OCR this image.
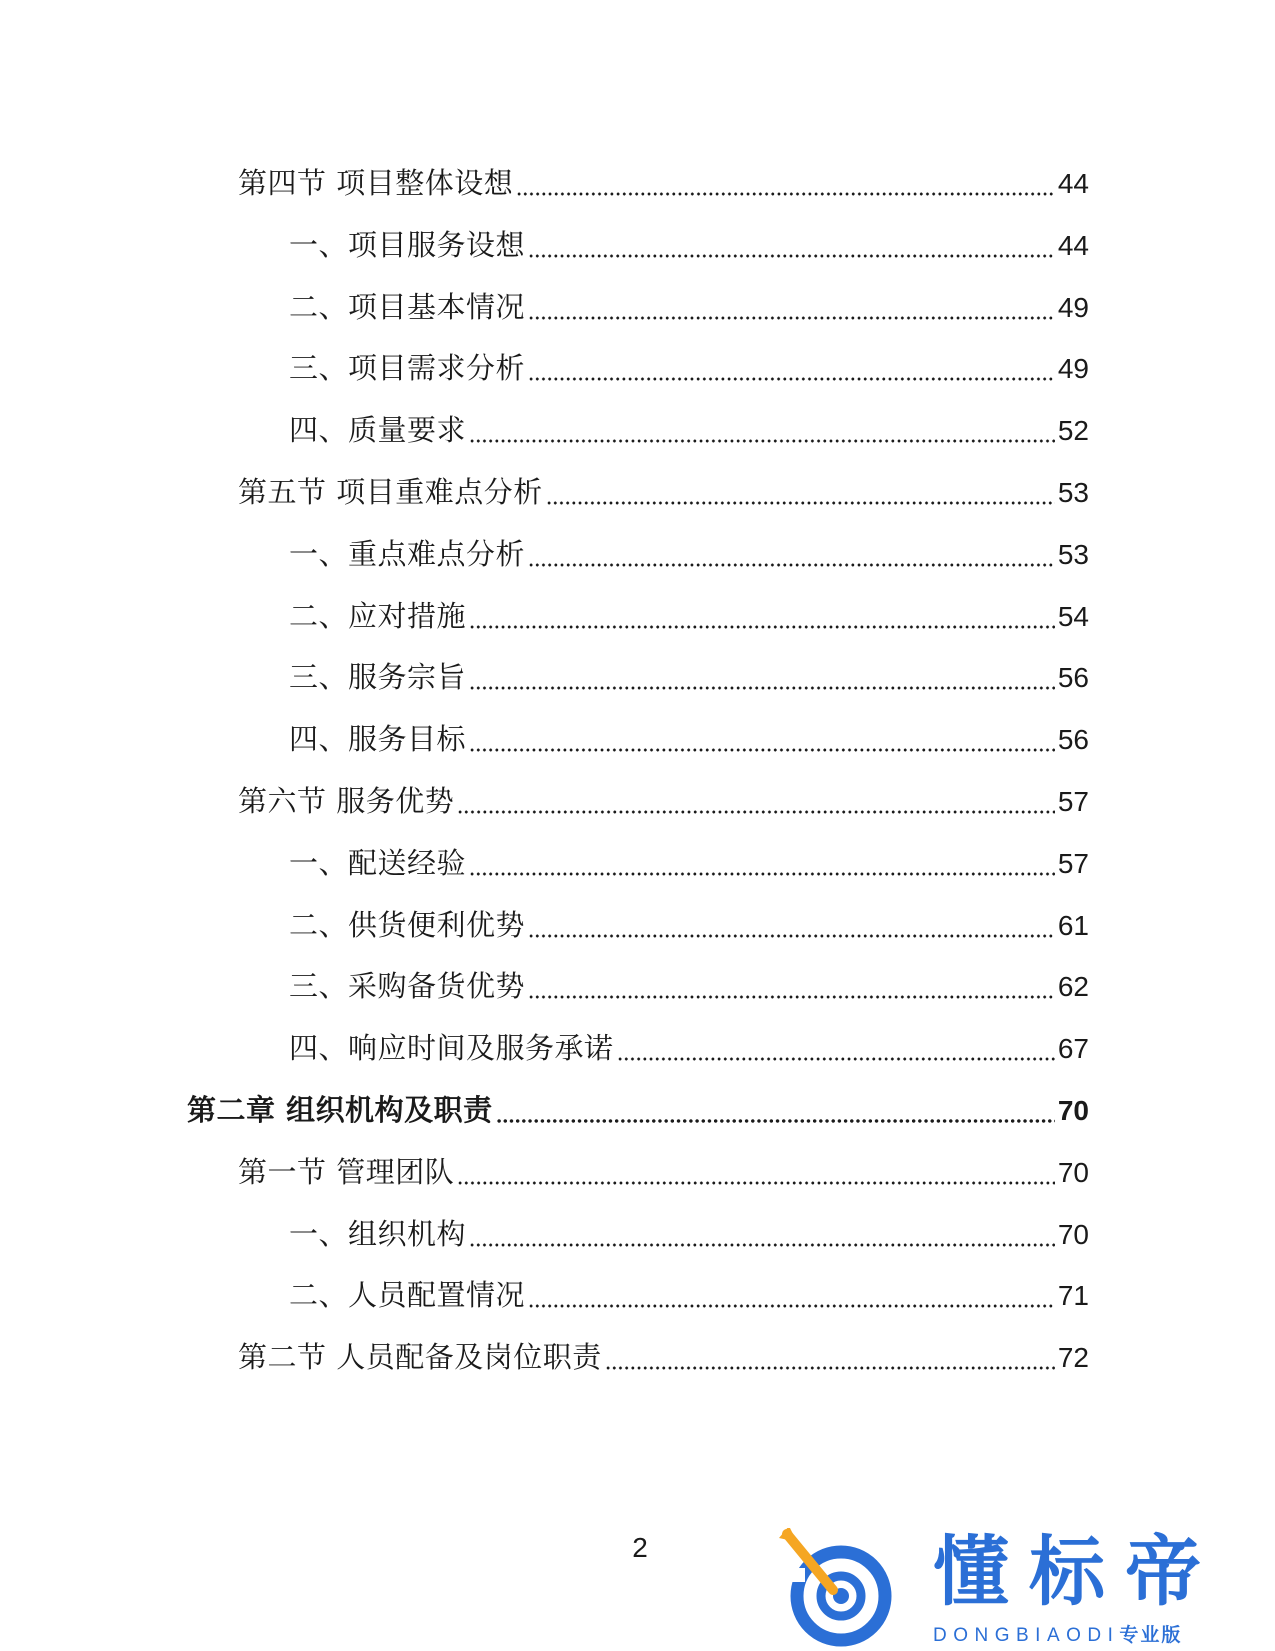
第四节 项目整体设想	44
一、项目服务设想	44
二、项目基本情况	49
三、项目需求分析	49
四、质量要求	52
第五节 项目重难点分析	53
一、重点难点分析	53
二、应对措施	54
三、服务宗旨	56
四、服务目标	56
第六节 服务优势	57
一、配送经验	57
二、供货便利优势	61
三、采购备货优势	62
四、响应时间及服务承诺	67
第二章 组织机构及职责	70
第一节 管理团队	70
一、组织机构	70
二、人员配置情况	71
第二节 人员配备及岗位职责	72
2	懂标帝
DONGBIAODI专业版
